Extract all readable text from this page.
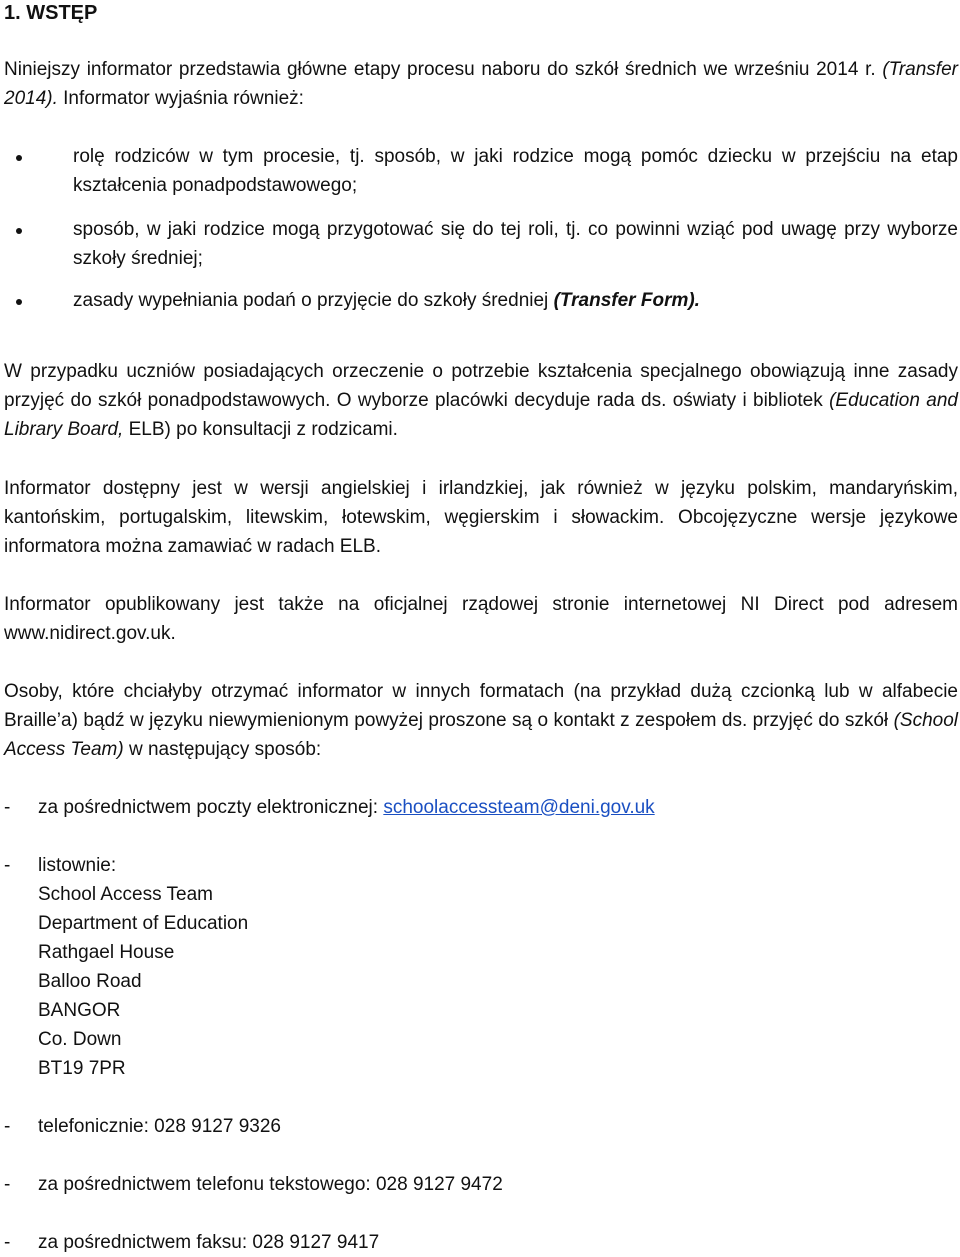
1. WSTĘP

Niniejszy informator przedstawia główne etapy procesu naboru do szkół średnich we wrześniu 2014 r. (Transfer 2014). Informator wyjaśnia również:

rolę rodziców w tym procesie, tj. sposób, w jaki rodzice mogą pomóc dziecku w przejściu na etap kształcenia ponadpodstawowego;
sposób, w jaki rodzice mogą przygotować się do tej roli, tj. co powinni wziąć pod uwagę przy wyborze szkoły średniej;
zasady wypełniania podań o przyjęcie do szkoły średniej (Transfer Form).

W przypadku uczniów posiadających orzeczenie o potrzebie kształcenia specjalnego obowiązują inne zasady przyjęć do szkół ponadpodstawowych. O wyborze placówki decyduje rada ds. oświaty i bibliotek (Education and Library Board, ELB) po konsultacji z rodzicami.

Informator dostępny jest w wersji angielskiej i irlandzkiej, jak również w języku polskim, mandaryńskim, kantońskim, portugalskim, litewskim, łotewskim, węgierskim i słowackim. Obcojęzyczne wersje językowe informatora można zamawiać w radach ELB.

Informator opublikowany jest także na oficjalnej rządowej stronie internetowej NI Direct pod adresem www.nidirect.gov.uk.

Osoby, które chciałyby otrzymać informator w innych formatach (na przykład dużą czcionką lub w alfabecie Braille’a) bądź w języku niewymienionym powyżej proszone są o kontakt z zespołem ds. przyjęć do szkół (School Access Team) w następujący sposób:

- za pośrednictwem poczty elektronicznej: schoolaccessteam@deni.gov.uk
- listownie:
School Access Team
Department of Education
Rathgael House
Balloo Road
BANGOR
Co. Down
BT19 7PR
- telefonicznie: 028 9127 9326
- za pośrednictwem telefonu tekstowego: 028 9127 9472
- za pośrednictwem faksu: 028 9127 9417
